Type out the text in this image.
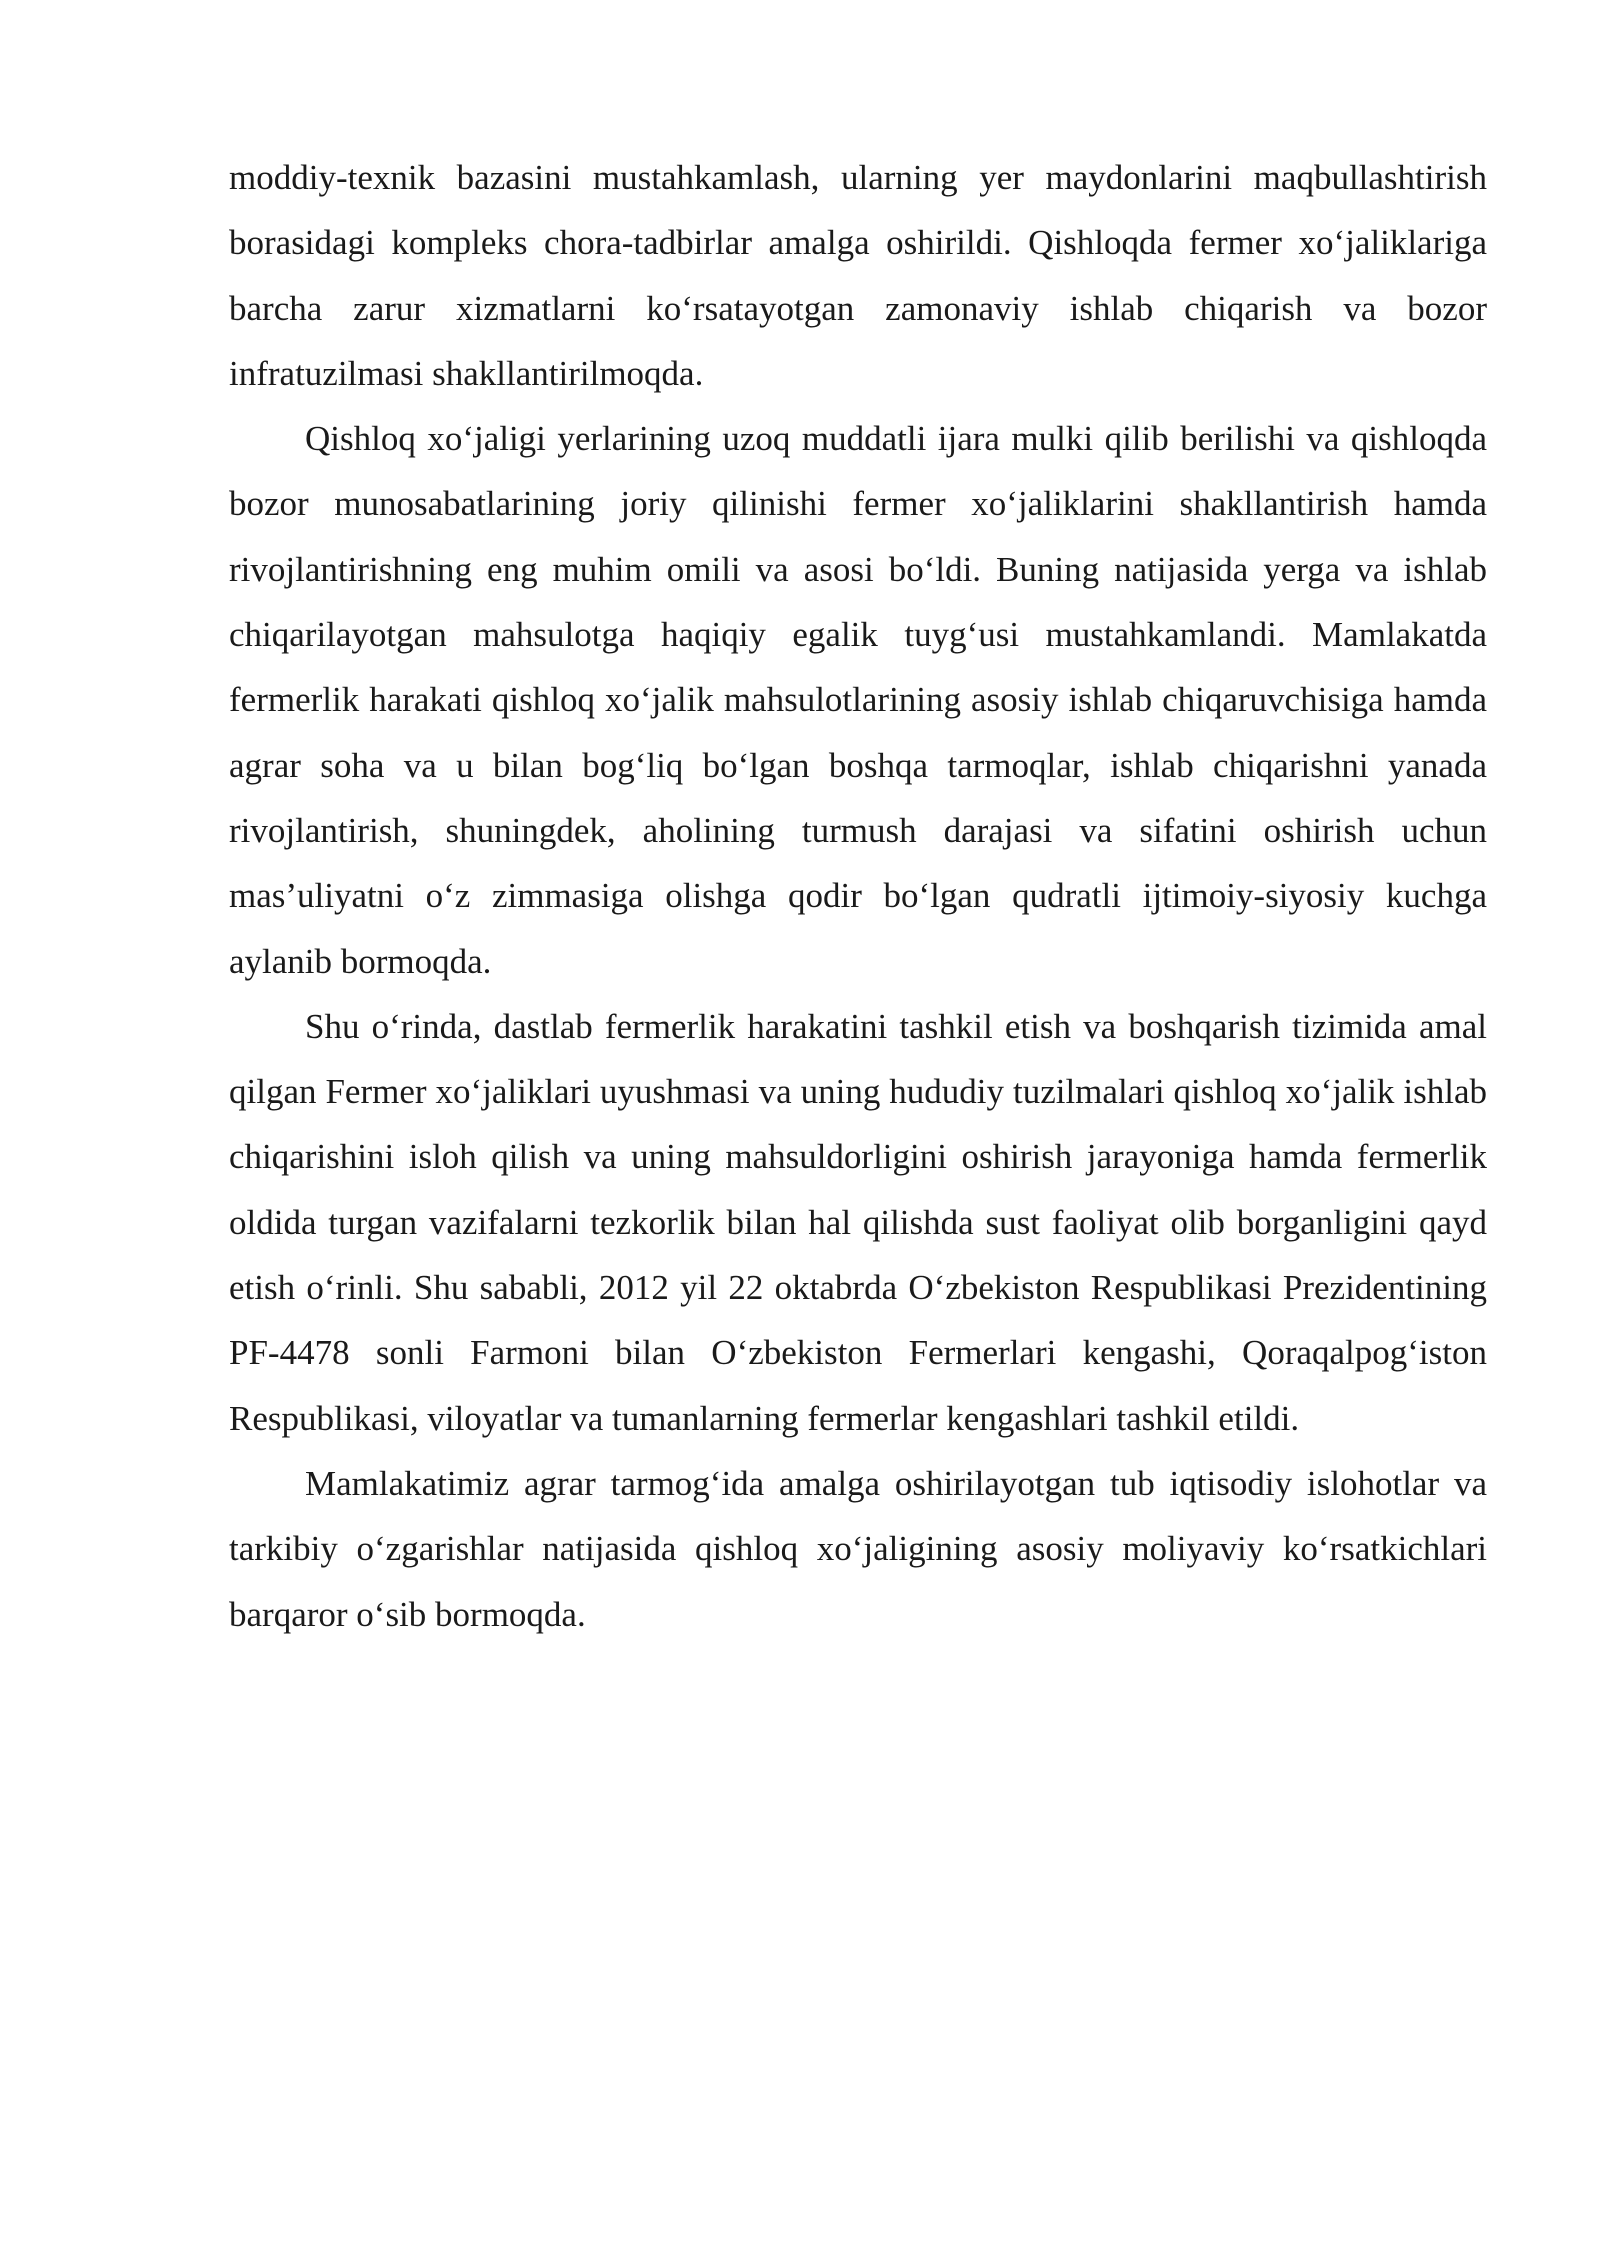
moddiy-texnik bazasini mustahkamlash, ularning yer maydonlarini maqbullashtirish borasidagi kompleks chora-tadbirlar amalga oshirildi. Qishloqda fermer xo‘jaliklariga barcha zarur xizmatlarni ko‘rsatayotgan zamonaviy ishlab chiqarish va bozor infratuzilmasi shakllantirilmoqda.

Qishloq xo‘jaligi yerlarining uzoq muddatli ijara mulki qilib berilishi va qishloqda bozor munosabatlarining joriy qilinishi fermer xo‘jaliklarini shakllantirish hamda rivojlantirishning eng muhim omili va asosi bo‘ldi. Buning natijasida yerga va ishlab chiqarilayotgan mahsulotga haqiqiy egalik tuyg‘usi mustahkamlandi. Mamlakatda fermerlik harakati qishloq xo‘jalik mahsulotlarining asosiy ishlab chiqaruvchisiga hamda agrar soha va u bilan bog‘liq bo‘lgan boshqa tarmoqlar, ishlab chiqarishni yanada rivojlantirish, shuningdek, aholining turmush darajasi va sifatini oshirish uchun mas’uliyatni o‘z zimmasiga olishga qodir bo‘lgan qudratli ijtimoiy-siyosiy kuchga aylanib bormoqda.

Shu o‘rinda, dastlab fermerlik harakatini tashkil etish va boshqarish tizimida amal qilgan Fermer xo‘jaliklari uyushmasi va uning hududiy tuzilmalari qishloq xo‘jalik ishlab chiqarishini isloh qilish va uning mahsuldorligini oshirish jarayoniga hamda fermerlik oldida turgan vazifalarni tezkorlik bilan hal qilishda sust faoliyat olib borganligini qayd etish o‘rinli. Shu sababli, 2012 yil 22 oktabrda O‘zbekiston Respublikasi Prezidentining PF-4478 sonli Farmoni bilan O‘zbekiston Fermerlari kengashi, Qoraqalpog‘iston Respublikasi, viloyatlar va tumanlarning fermerlar kengashlari tashkil etildi.

Mamlakatimiz agrar tarmog‘ida amalga oshirilayotgan tub iqtisodiy islohotlar va tarkibiy o‘zgarishlar natijasida qishloq xo‘jaligining asosiy moliyaviy ko‘rsatkichlari barqaror o‘sib bormoqda.
